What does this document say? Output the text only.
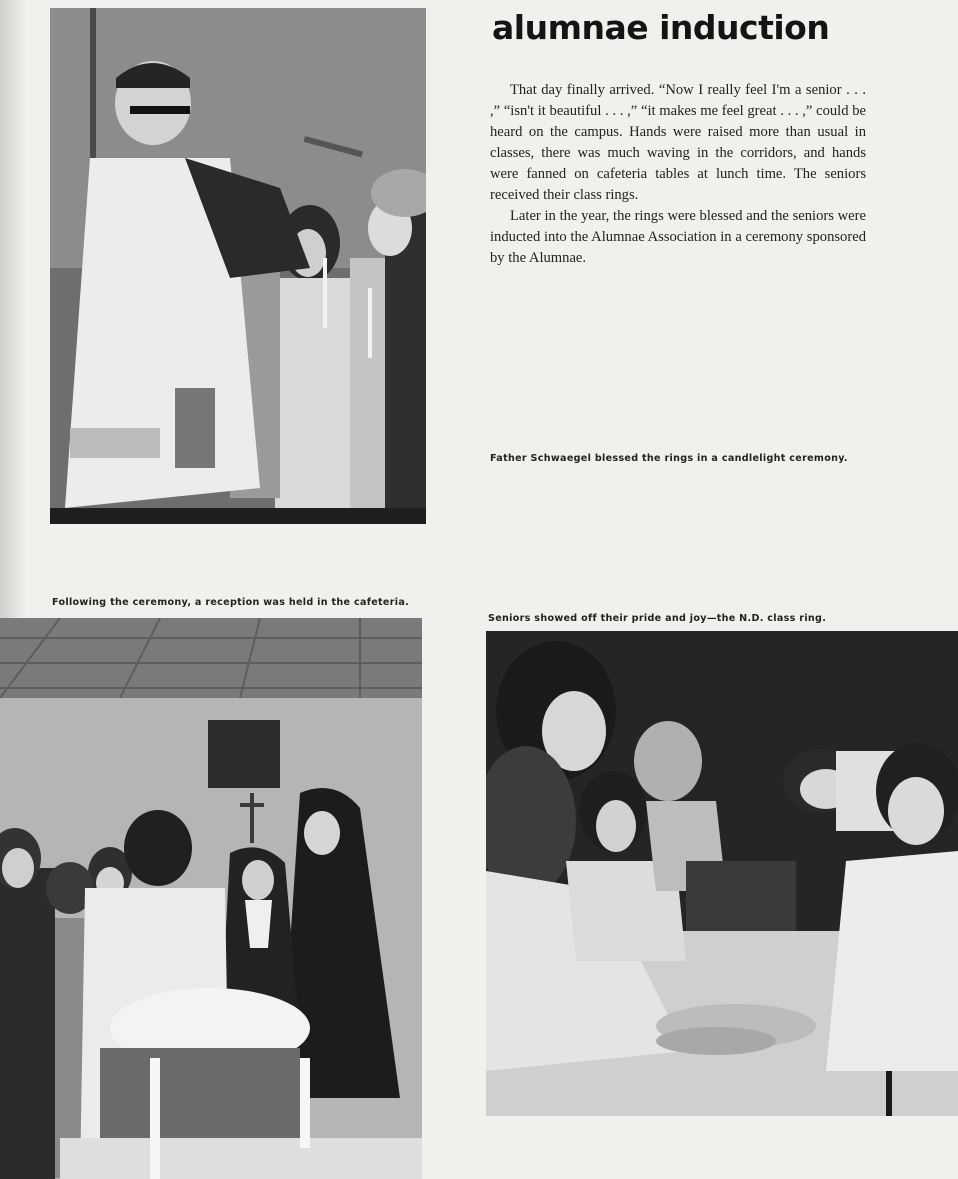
alumnae induction

That day finally arrived. “Now I really feel I'm a senior . . . ,” “isn't it beautiful . . . ,” “it makes me feel great . . . ,” could be heard on the campus. Hands were raised more than usual in classes, there was much waving in the corridors, and hands were fanned on cafeteria tables at lunch time. The seniors received their class rings.

Later in the year, the rings were blessed and the seniors were inducted into the Alumnae Association in a ceremony sponsored by the Alumnae.

Father Schwaegel blessed the rings in a candlelight ceremony.
Following the ceremony, a reception was held in the cafeteria.
Seniors showed off their pride and joy—the N.D. class ring.
